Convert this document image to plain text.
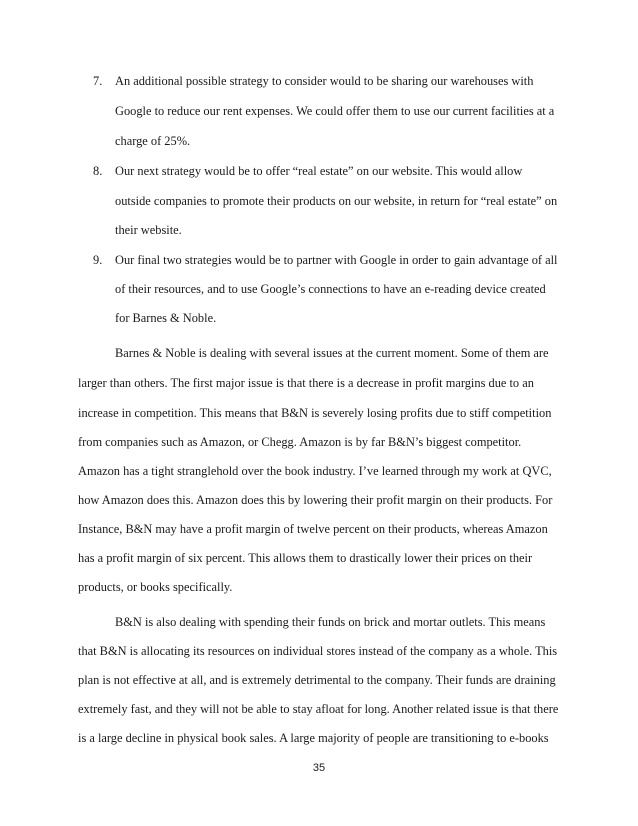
7. An additional possible strategy to consider would to be sharing our warehouses with
Google to reduce our rent expenses. We could offer them to use our current facilities at a
charge of 25%.
8. Our next strategy would be to offer “real estate” on our website. This would allow
outside companies to promote their products on our website, in return for “real estate” on
their website.
9. Our final two strategies would be to partner with Google in order to gain advantage of all
of their resources, and to use Google’s connections to have an e-reading device created
for Barnes & Noble.
Barnes & Noble is dealing with several issues at the current moment. Some of them are
larger than others. The first major issue is that there is a decrease in profit margins due to an
increase in competition. This means that B&N is severely losing profits due to stiff competition
from companies such as Amazon, or Chegg. Amazon is by far B&N’s biggest competitor.
Amazon has a tight stranglehold over the book industry. I’ve learned through my work at QVC,
how Amazon does this. Amazon does this by lowering their profit margin on their products. For
Instance, B&N may have a profit margin of twelve percent on their products, whereas Amazon
has a profit margin of six percent. This allows them to drastically lower their prices on their
products, or books specifically.
B&N is also dealing with spending their funds on brick and mortar outlets. This means
that B&N is allocating its resources on individual stores instead of the company as a whole. This
plan is not effective at all, and is extremely detrimental to the company. Their funds are draining
extremely fast, and they will not be able to stay afloat for long. Another related issue is that there
is a large decline in physical book sales. A large majority of people are transitioning to e-books
35
